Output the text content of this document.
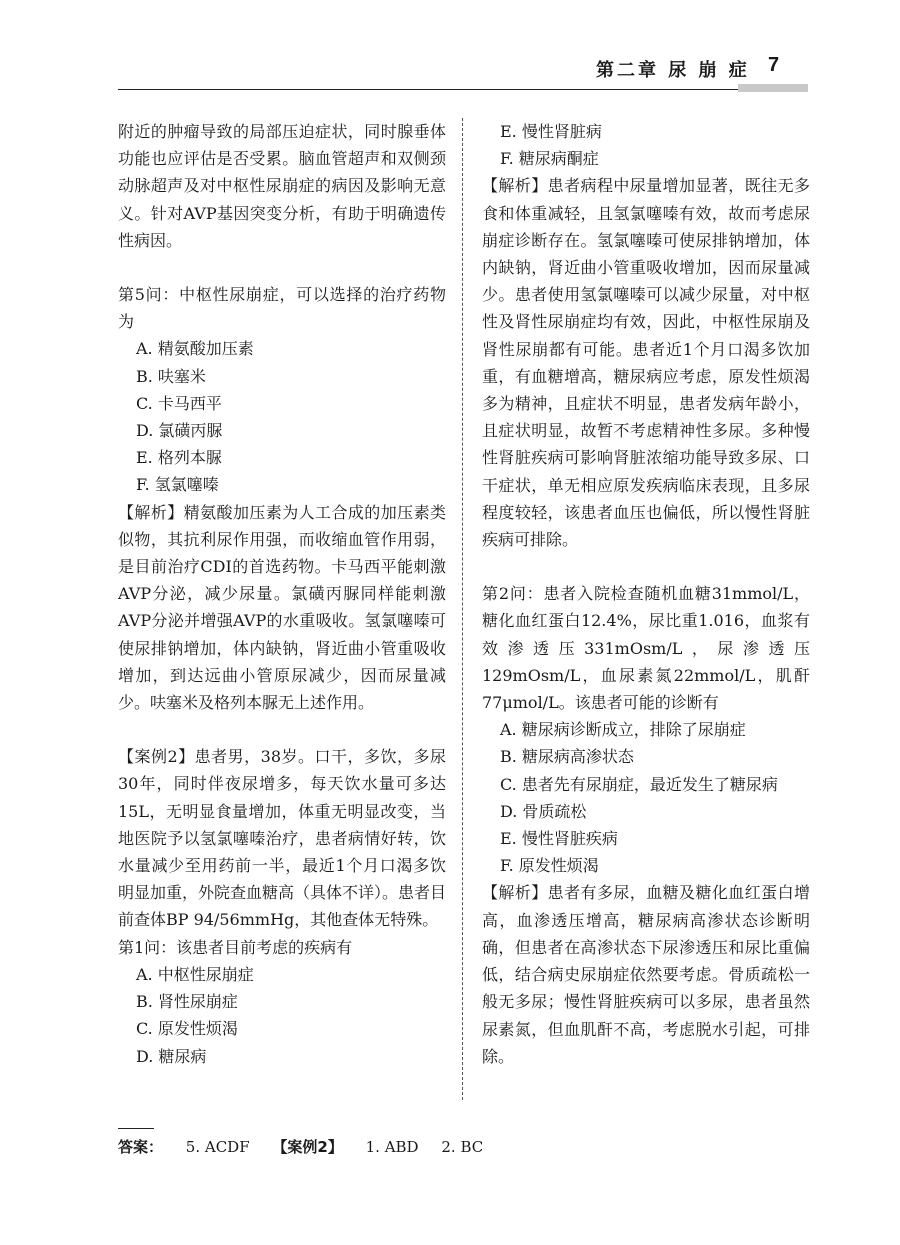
第二章 尿 崩 症 7

附近的肿瘤导致的局部压迫症状，同时腺垂体功能也应评估是否受累。脑血管超声和双侧颈动脉超声及对中枢性尿崩症的病因及影响无意义。针对AVP基因突变分析，有助于明确遗传性病因。

第5问：中枢性尿崩症，可以选择的治疗药物为

A. 精氨酸加压素

B. 呋塞米

C. 卡马西平

D. 氯磺丙脲

E. 格列本脲

F. 氢氯噻嗪

【解析】精氨酸加压素为人工合成的加压素类似物，其抗利尿作用强，而收缩血管作用弱，是目前治疗CDI的首选药物。卡马西平能刺激AVP分泌，减少尿量。氯磺丙脲同样能刺激AVP分泌并增强AVP的水重吸收。氢氯噻嗪可使尿排钠增加，体内缺钠，肾近曲小管重吸收增加，到达远曲小管原尿减少，因而尿量减少。呋塞米及格列本脲无上述作用。

【案例2】患者男，38岁。口干，多饮，多尿30年，同时伴夜尿增多，每天饮水量可多达15L，无明显食量增加，体重无明显改变，当地医院予以氢氯噻嗪治疗，患者病情好转，饮水量减少至用药前一半，最近1个月口渴多饮明显加重，外院查血糖高（具体不详）。患者目前查体BP 94/56mmHg，其他查体无特殊。

第1问：该患者目前考虑的疾病有

A. 中枢性尿崩症

B. 肾性尿崩症

C. 原发性烦渴

D. 糖尿病

E. 慢性肾脏病

F. 糖尿病酮症

【解析】患者病程中尿量增加显著，既往无多食和体重减轻，且氢氯噻嗪有效，故而考虑尿崩症诊断存在。氢氯噻嗪可使尿排钠增加，体内缺钠，肾近曲小管重吸收增加，因而尿量减少。患者使用氢氯噻嗪可以减少尿量，对中枢性及肾性尿崩症均有效，因此，中枢性尿崩及肾性尿崩都有可能。患者近1个月口渴多饮加重，有血糖增高，糖尿病应考虑，原发性烦渴多为精神，且症状不明显，患者发病年龄小，且症状明显，故暂不考虑精神性多尿。多种慢性肾脏疾病可影响肾脏浓缩功能导致多尿、口干症状，单无相应原发疾病临床表现，且多尿程度较轻，该患者血压也偏低，所以慢性肾脏疾病可排除。

第2问：患者入院检查随机血糖31mmol/L，糖化血红蛋白12.4%，尿比重1.016，血浆有效渗透压331mOsm/L，尿渗透压129mOsm/L，血尿素氮22mmol/L，肌酐77μmol/L。该患者可能的诊断有

A. 糖尿病诊断成立，排除了尿崩症

B. 糖尿病高渗状态

C. 患者先有尿崩症，最近发生了糖尿病

D. 骨质疏松

E. 慢性肾脏疾病

F. 原发性烦渴

【解析】患者有多尿，血糖及糖化血红蛋白增高，血渗透压增高，糖尿病高渗状态诊断明确，但患者在高渗状态下尿渗透压和尿比重偏低，结合病史尿崩症依然要考虑。骨质疏松一般无多尿；慢性肾脏疾病可以多尿，患者虽然尿素氮，但血肌酐不高，考虑脱水引起，可排除。

答案： 5. ACDF 【案例2】 1. ABD 2. BC
